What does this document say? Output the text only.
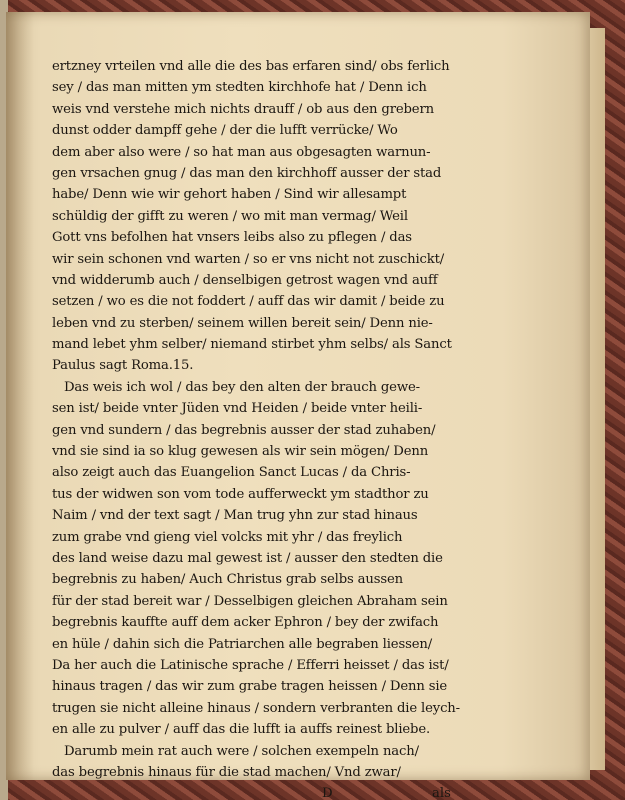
ertzney vrteilen vnd alle die des bas erfaren sind/ obs ferlich
sey / das man mitten ym stedten kirchhofe hat / Denn ich
weis vnd verstehe mich nichts drauff / ob aus den grebern
dunst odder dampff gehe / der die lufft verrücke/ Wo
dem aber also were / so hat man aus obgesagten warnun-
gen vrsachen gnug / das man den kirchhoff ausser der stad
habe/ Denn wie wir gehort haben / Sind wir allesampt
schüldig der gifft zu weren / wo mit man vermag/ Weil
Gott vns befolhen hat vnsers leibs also zu pflegen / das
wir sein schonen vnd warten / so er vns nicht not zuschickt/
vnd widderumb auch / denselbigen getrost wagen vnd auff
setzen / wo es die not foddert / auff das wir damit / beide zu
leben vnd zu sterben/ seinem willen bereit sein/ Denn nie-
mand lebet yhm selber/ niemand stirbet yhm selbs/ als Sanct
Paulus sagt Roma.15.
Das weis ich wol / das bey den alten der brauch gewe-
sen ist/ beide vnter Jüden vnd Heiden / beide vnter heili-
gen vnd sundern / das begrebnis ausser der stad zuhaben/
vnd sie sind ia so klug gewesen als wir sein mögen/ Denn
also zeigt auch das Euangelion Sanct Lucas / da Chris-
tus der widwen son vom tode aufferweckt ym stadthor zu
Naim / vnd der text sagt / Man trug yhn zur stad hinaus
zum grabe vnd gieng viel volcks mit yhr / das freylich
des land weise dazu mal gewest ist / ausser den stedten die
begrebnis zu haben/ Auch Christus grab selbs aussen
für der stad bereit war / Desselbigen gleichen Abraham sein
begrebnis kauffte auff dem acker Ephron / bey der zwifach
en hüle / dahin sich die Patriarchen alle begraben liessen/
Da her auch die Latinische sprache / Efferri heisset / das ist/
hinaus tragen / das wir zum grabe tragen heissen / Denn sie
trugen sie nicht alleine hinaus / sondern verbranten die leych-
en alle zu pulver / auff das die lufft ia auffs reinest bliebe.
Darumb mein rat auch were / solchen exempeln nach/
das begrebnis hinaus für die stad machen/ Vnd zwar/
D	als
